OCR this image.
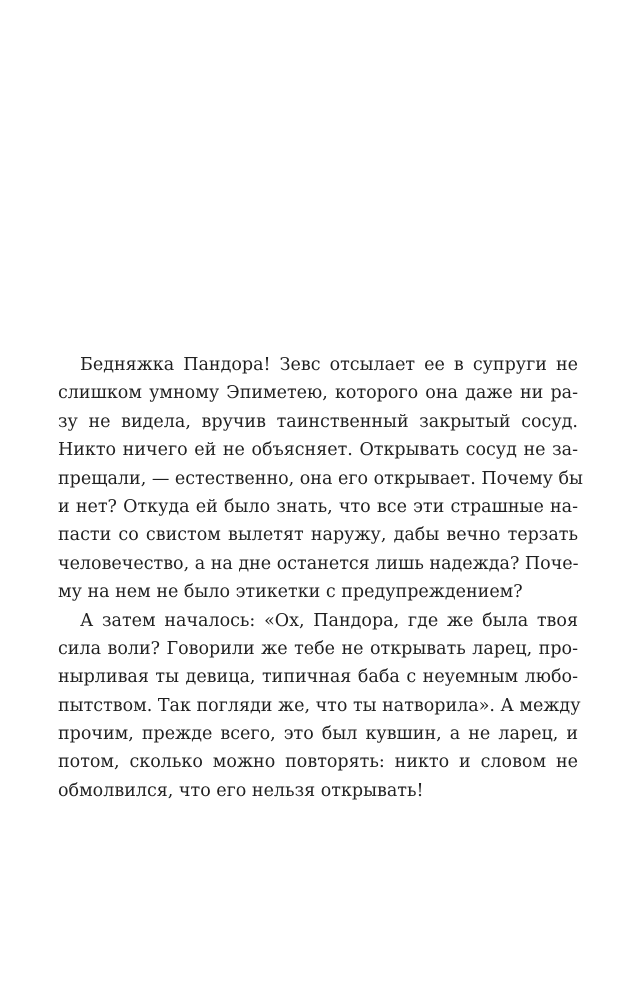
Бедняжка Пандора! Зевс отсылает ее в супруги не
слишком умному Эпиметею, которого она даже ни ра-
зу не видела, вручив таинственный закрытый сосуд.
Никто ничего ей не объясняет. Открывать сосуд не за-
прещали, — естественно, она его открывает. Почему бы
и нет? Откуда ей было знать, что все эти страшные на-
пасти со свистом вылетят наружу, дабы вечно терзать
человечество, а на дне останется лишь надежда? Поче-
му на нем не было этикетки с предупреждением?
А затем началось: «Ох, Пандора, где же была твоя
сила воли? Говорили же тебе не открывать ларец, про-
нырливая ты девица, типичная баба с неуемным любо-
пытством. Так погляди же, что ты натворила». А между
прочим, прежде всего, это был кувшин, а не ларец, и
потом, сколько можно повторять: никто и словом не
обмолвился, что его нельзя открывать!
